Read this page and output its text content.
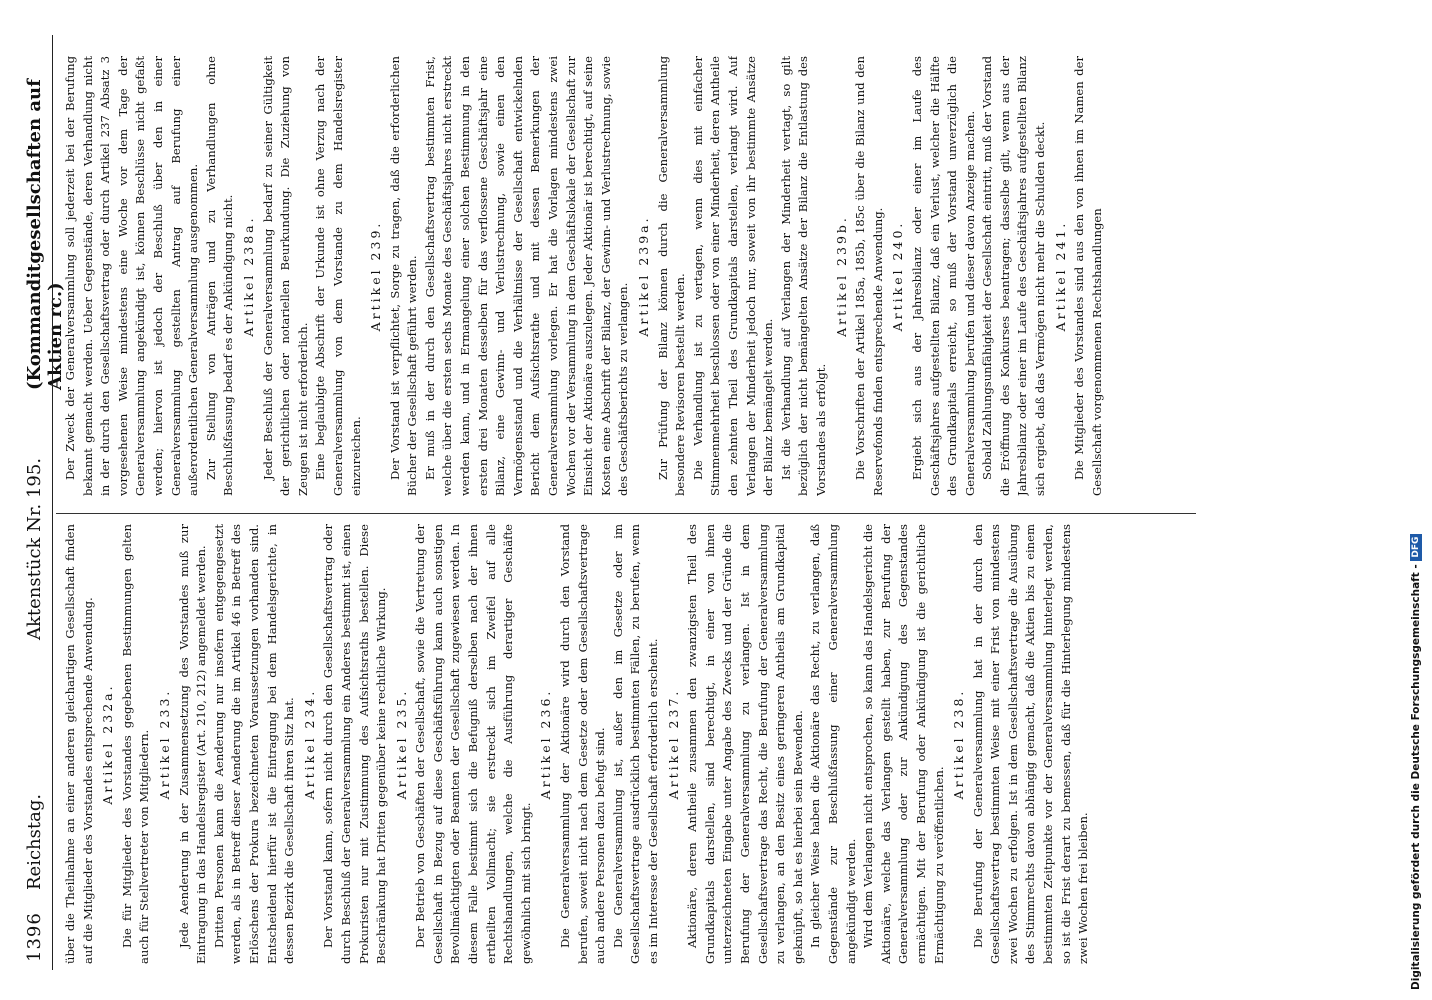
1396
Reichstag.
Aktenstück Nr. 195.
(Kommanditgesellschaften auf Aktien rc.)

über die Theilnahme an einer anderen gleichartigen Gesellschaft finden auf die Mitglieder des Vorstandes entsprechende Anwendung. Artikel 232a. Die für Mitglieder des Vorstandes gegebenen Bestimmungen gelten auch für Stellvertreter von Mitgliedern. Artikel 233. Jede Aenderung in der Zusammensetzung des Vorstandes muß zur Eintragung in das Handelsregister (Art. 210, 212) angemeldet werden. Dritten Personen kann die Aenderung nur insofern entgegengesetzt werden, als in Betreff dieser Aenderung die im Artikel 46 in Betreff des Erlöschens der Prokura bezeichneten Voraussetzungen vorhanden sind. Entscheidend hierfür ist die Eintragung bei dem Handelsgerichte, in dessen Bezirk die Gesellschaft ihren Sitz hat. Artikel 234. Der Vorstand kann, sofern nicht durch den Gesellschaftsvertrag oder durch Beschluß der Generalversammlung ein Anderes bestimmt ist, einen Prokuristen nur mit Zustimmung des Aufsichtsraths bestellen. Diese Beschränkung hat Dritten gegenüber keine rechtliche Wirkung. Artikel 235. Der Betrieb von Geschäften der Gesellschaft, sowie die Vertretung der Gesellschaft in Bezug auf diese Geschäftsführung kann auch sonstigen Bevollmächtigten oder Beamten der Gesellschaft zugewiesen werden. In diesem Falle bestimmt sich die Befugniß derselben nach der ihnen ertheilten Vollmacht; sie erstreckt sich im Zweifel auf alle Rechtshandlungen, welche die Ausführung derartiger Geschäfte gewöhnlich mit sich bringt.

Artikel 236. Die Generalversammlung der Aktionäre wird durch den Vorstand berufen, soweit nicht nach dem Gesetze oder dem Gesellschaftsvertrage auch andere Personen dazu befugt sind. Die Generalversammlung ist, außer den im Gesetze oder im Gesellschaftsvertrage ausdrücklich bestimmten Fällen, zu berufen, wenn es im Interesse der Gesellschaft erforderlich erscheint. Artikel 237. Aktionäre, deren Antheile zusammen den zwanzigsten Theil des Grundkapitals darstellen, sind berechtigt, in einer von ihnen unterzeichneten Eingabe unter Angabe des Zwecks und der Gründe die Berufung der Generalversammlung zu verlangen. Ist in dem Gesellschaftsvertrage das Recht, die Berufung der Generalversammlung zu verlangen, an den Besitz eines geringeren Antheils am Grundkapital geknüpft, so hat es hierbei sein Bewenden. In gleicher Weise haben die Aktionäre das Recht, zu verlangen, daß Gegenstände zur Beschlußfassung einer Generalversammlung angekündigt werden. Wird dem Verlangen nicht entsprochen, so kann das Handelsgericht die Aktionäre, welche das Verlangen gestellt haben, zur Berufung der Generalversammlung oder zur Ankündigung des Gegenstandes ermächtigen. Mit der Berufung oder Ankündigung ist die gerichtliche Ermächtigung zu veröffentlichen.

Artikel 238. Die Berufung der Generalversammlung hat in der durch den Gesellschaftsvertrag bestimmten Weise mit einer Frist von mindestens zwei Wochen zu erfolgen. Ist in dem Gesellschaftsvertrage die Ausübung des Stimmrechts davon abhängig gemacht, daß die Aktien bis zu einem bestimmten Zeitpunkte vor der Generalversammlung hinterlegt werden, so ist die Frist derart zu bemessen, daß für die Hinterlegung mindestens zwei Wochen frei bleiben.

Der Zweck der Generalversammlung soll jederzeit bei der Berufung bekannt gemacht werden. Ueber Gegenstände, deren Verhandlung nicht in der durch den Gesellschaftsvertrag oder durch Artikel 237 Absatz 3 vorgesehenen Weise mindestens eine Woche vor dem Tage der Generalversammlung angekündigt ist, können Beschlüsse nicht gefaßt werden; hiervon ist jedoch der Beschluß über den in einer Generalversammlung gestellten Antrag auf Berufung einer außerordentlichen Generalversammlung ausgenommen. Zur Stellung von Anträgen und zu Verhandlungen ohne Beschlußfassung bedarf es der Ankündigung nicht. Artikel 238a. Jeder Beschluß der Generalversammlung bedarf zu seiner Gültigkeit der gerichtlichen oder notariellen Beurkundung. Die Zuziehung von Zeugen ist nicht erforderlich. Eine beglaubigte Abschrift der Urkunde ist ohne Verzug nach der Generalversammlung von dem Vorstande zu dem Handelsregister einzureichen.

Artikel 239. Der Vorstand ist verpflichtet, Sorge zu tragen, daß die erforderlichen Bücher der Gesellschaft geführt werden. Er muß in der durch den Gesellschaftsvertrag bestimmten Frist, welche über die ersten sechs Monate des Geschäftsjahres nicht erstreckt werden kann, und in Ermangelung einer solchen Bestimmung in den ersten drei Monaten desselben für das verflossene Geschäftsjahr eine Bilanz, eine Gewinn- und Verlustrechnung, sowie einen den Vermögensstand und die Verhältnisse der Gesellschaft entwickelnden Bericht dem Aufsichtsrathe und mit dessen Bemerkungen der Generalversammlung vorlegen. Er hat die Vorlagen mindestens zwei Wochen vor der Versammlung in dem Geschäftslokale der Gesellschaft zur Einsicht der Aktionäre auszulegen. Jeder Aktionär ist berechtigt, auf seine Kosten eine Abschrift der Bilanz, der Gewinn- und Verlustrechnung, sowie des Geschäftsberichts zu verlangen.

Artikel 239a. Zur Prüfung der Bilanz können durch die Generalversammlung besondere Revisoren bestellt werden. Die Verhandlung ist zu vertagen, wenn dies mit einfacher Stimmenmehrheit beschlossen oder von einer Minderheit, deren Antheile den zehnten Theil des Grundkapitals darstellen, verlangt wird. Auf Verlangen der Minderheit jedoch nur, soweit von ihr bestimmte Ansätze der Bilanz bemängelt werden. Ist die Verhandlung auf Verlangen der Minderheit vertagt, so gilt bezüglich der nicht bemängelten Ansätze der Bilanz die Entlastung des Vorstandes als erfolgt.

Artikel 239b. Die Vorschriften der Artikel 185a, 185b, 185c über die Bilanz und den Reservefonds finden entsprechende Anwendung. Artikel 240. Ergiebt sich aus der Jahresbilanz oder einer im Laufe des Geschäftsjahres aufgestellten Bilanz, daß ein Verlust, welcher die Hälfte des Grundkapitals erreicht, so muß der Vorstand unverzüglich die Generalversammlung berufen und dieser davon Anzeige machen. Sobald Zahlungsunfähigkeit der Gesellschaft eintritt, muß der Vorstand die Eröffnung des Konkurses beantragen; dasselbe gilt, wenn aus der Jahresbilanz oder einer im Laufe des Geschäftsjahres aufgestellten Bilanz sich ergiebt, daß das Vermögen nicht mehr die Schulden deckt. Artikel 241. Die Mitglieder des Vorstandes sind aus den von ihnen im Namen der Gesellschaft vorgenommenen Rechtshandlungen

Digitalisierung gefördert durch die Deutsche Forschungsgemeinschaft - DFG
